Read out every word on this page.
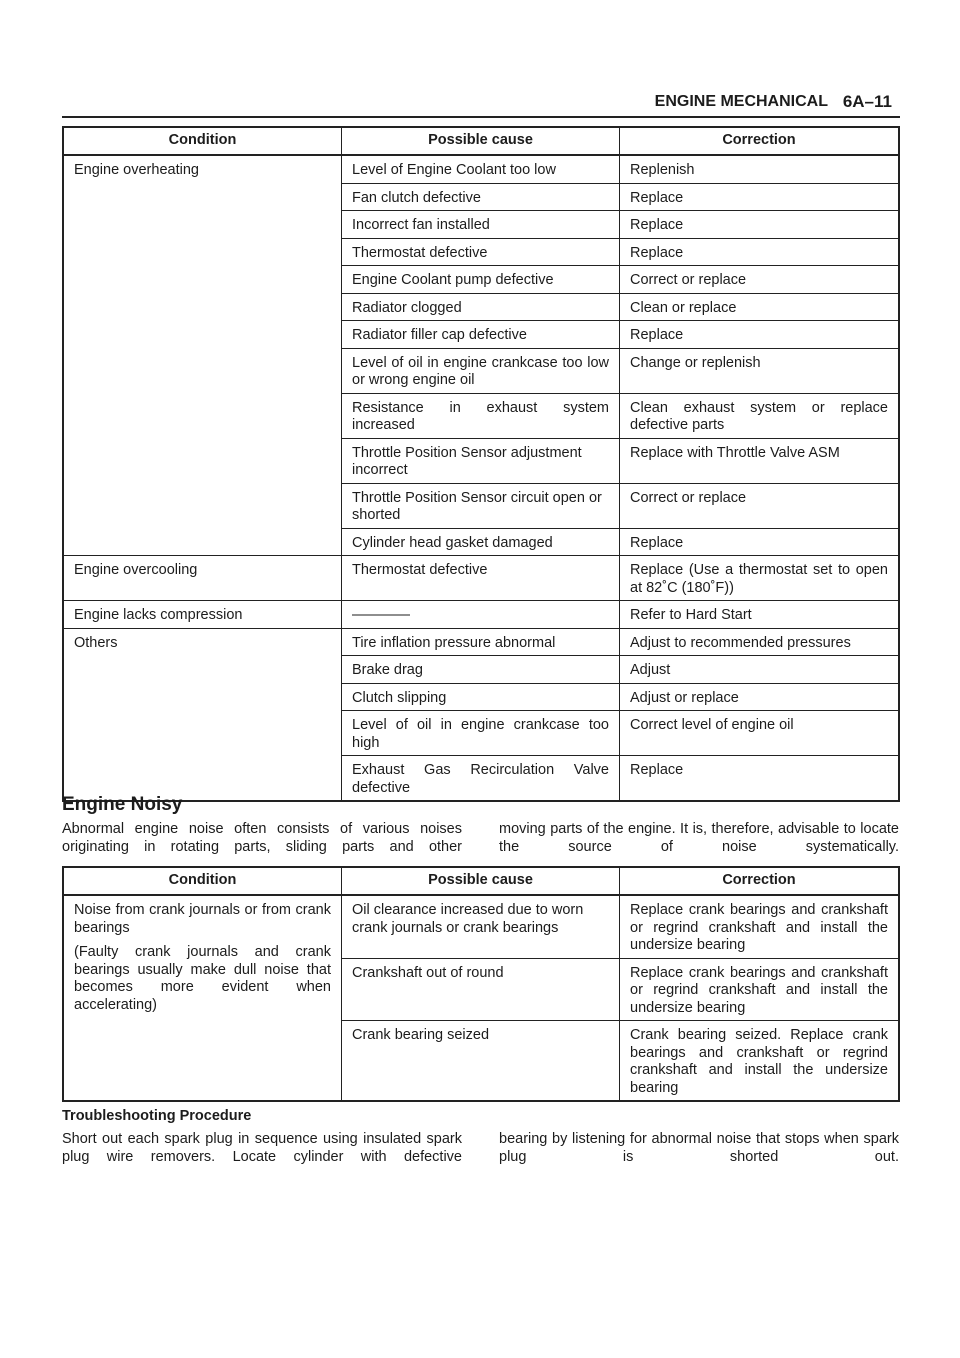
ENGINE MECHANICAL 6A–11
Condition	Possible cause	Correction
Engine overheating	Level of Engine Coolant too low	Replenish
	Fan clutch defective	Replace
	Incorrect fan installed	Replace
	Thermostat defective	Replace
	Engine Coolant pump defective	Correct or replace
	Radiator clogged	Clean or replace
	Radiator filler cap defective	Replace
	Level of oil in engine crankcase too low or wrong engine oil	Change or replenish
	Resistance in exhaust system increased	Clean exhaust system or replace defective parts
	Throttle Position Sensor adjustment incorrect	Replace with Throttle Valve ASM
	Throttle Position Sensor circuit open or shorted	Correct or replace
	Cylinder head gasket damaged	Replace
Engine overcooling	Thermostat defective	Replace (Use a thermostat set to open at 82˚C (180˚F))
Engine lacks compression	————	Refer to Hard Start
Others	Tire inflation pressure abnormal	Adjust to recommended pressures
	Brake drag	Adjust
	Clutch slipping	Adjust or replace
	Level of oil in engine crankcase too high	Correct level of engine oil
	Exhaust Gas Recirculation Valve defective	Replace
Engine Noisy
Abnormal engine noise often consists of various noises originating in rotating parts, sliding parts and other
moving parts of the engine. It is, therefore, advisable to locate the source of noise systematically.
Condition	Possible cause	Correction
Noise from crank journals or from crank bearings
(Faulty crank journals and crank bearings usually make dull noise that becomes more evident when accelerating)	Oil clearance increased due to worn crank journals or crank bearings	Replace crank bearings and crankshaft or regrind crankshaft and install the undersize bearing
	Crankshaft out of round	Replace crank bearings and crankshaft or regrind crankshaft and install the undersize bearing
	Crank bearing seized	Crank bearing seized. Replace crank bearings and crankshaft or regrind crankshaft and install the undersize bearing
Troubleshooting Procedure
Short out each spark plug in sequence using insulated spark plug wire removers. Locate cylinder with defective
bearing by listening for abnormal noise that stops when spark plug is shorted out.
